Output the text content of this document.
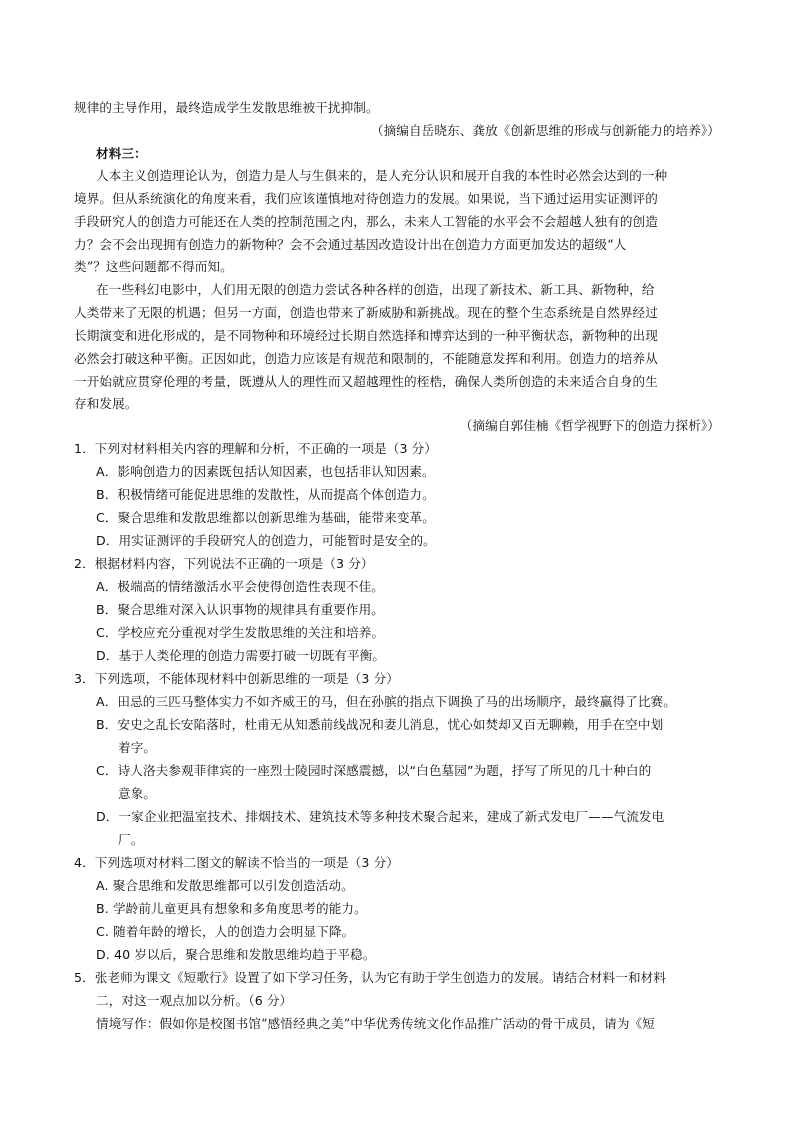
规律的主导作用，最终造成学生发散思维被干扰抑制。
（摘编自岳晓东、龚放《创新思维的形成与创新能力的培养》）
材料三：
人本主义创造理论认为，创造力是人与生俱来的，是人充分认识和展开自我的本性时必然会达到的一种
境界。但从系统演化的角度来看，我们应该谨慎地对待创造力的发展。如果说，当下通过运用实证测评的
手段研究人的创造力可能还在人类的控制范围之内，那么，未来人工智能的水平会不会超越人独有的创造
力？会不会出现拥有创造力的新物种？会不会通过基因改造设计出在创造力方面更加发达的超级“人
类”？这些问题都不得而知。
在一些科幻电影中，人们用无限的创造力尝试各种各样的创造，出现了新技术、新工具、新物种，给
人类带来了无限的机遇；但另一方面，创造也带来了新威胁和新挑战。现在的整个生态系统是自然界经过
长期演变和进化形成的，是不同物种和环境经过长期自然选择和博弈达到的一种平衡状态，新物种的出现
必然会打破这种平衡。正因如此，创造力应该是有规范和限制的，不能随意发挥和利用。创造力的培养从
一开始就应贯穿伦理的考量，既遵从人的理性而又超越理性的桎梏，确保人类所创造的未来适合自身的生
存和发展。
（摘编自郭佳楠《哲学视野下的创造力探析》）
1．下列对材料相关内容的理解和分析，不正确的一项是（3 分）
A．影响创造力的因素既包括认知因素，也包括非认知因素。
B．积极情绪可能促进思维的发散性，从而提高个体创造力。
C．聚合思维和发散思维都以创新思维为基础，能带来变革。
D．用实证测评的手段研究人的创造力，可能暂时是安全的。
2．根据材料内容，下列说法不正确的一项是（3 分）
A．极端高的情绪激活水平会使得创造性表现不佳。
B．聚合思维对深入认识事物的规律具有重要作用。
C．学校应充分重视对学生发散思维的关注和培养。
D．基于人类伦理的创造力需要打破一切既有平衡。
3．下列选项，不能体现材料中创新思维的一项是（3 分）
A．田忌的三匹马整体实力不如齐威王的马，但在孙膑的指点下调换了马的出场顺序，最终赢得了比赛。
B．安史之乱长安陷落时，杜甫无从知悉前线战况和妻儿消息，忧心如焚却又百无聊赖，用手在空中划
着字。
C．诗人洛夫参观菲律宾的一座烈士陵园时深感震撼，以“白色墓园”为题，抒写了所见的几十种白的
意象。
D．一家企业把温室技术、排烟技术、建筑技术等多种技术聚合起来，建成了新式发电厂——气流发电
厂。
4．下列选项对材料二图文的解读不恰当的一项是（3 分）
A. 聚合思维和发散思维都可以引发创造活动。
B. 学龄前儿童更具有想象和多角度思考的能力。
C. 随着年龄的增长，人的创造力会明显下降。
D. 40 岁以后，聚合思维和发散思维均趋于平稳。
5．张老师为课文《短歌行》设置了如下学习任务，认为它有助于学生创造力的发展。请结合材料一和材料
二，对这一观点加以分析。（6 分）
情境写作：假如你是校图书馆“感悟经典之美”中华优秀传统文化作品推广活动的骨干成员，请为《短
